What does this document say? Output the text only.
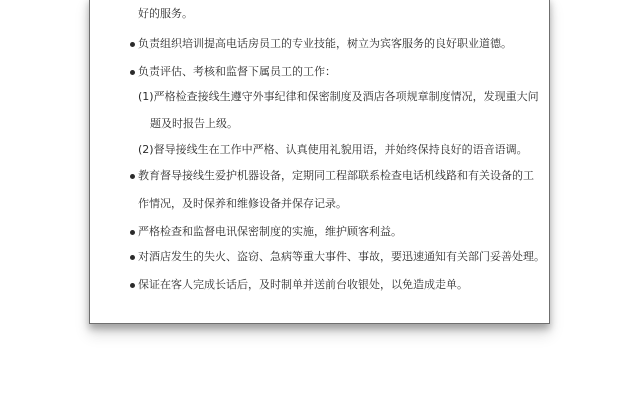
好的服务。
负责组织培训提高电话房员工的专业技能，树立为宾客服务的良好职业道德。
负责评估、考核和监督下属员工的工作：
(1)严格检查接线生遵守外事纪律和保密制度及酒店各项规章制度情况，发现重大问
题及时报告上级。
(2)督导接线生在工作中严格、认真使用礼貌用语，并始终保持良好的语音语调。
教育督导接线生爱护机器设备，定期同工程部联系检查电话机线路和有关设备的工
作情况，及时保养和维修设备并保存记录。
严格检查和监督电讯保密制度的实施，维护顾客利益。
对酒店发生的失火、盗窃、急病等重大事件、事故，要迅速通知有关部门妥善处理。
保证在客人完成长话后，及时制单并送前台收银处，以免造成走单。
